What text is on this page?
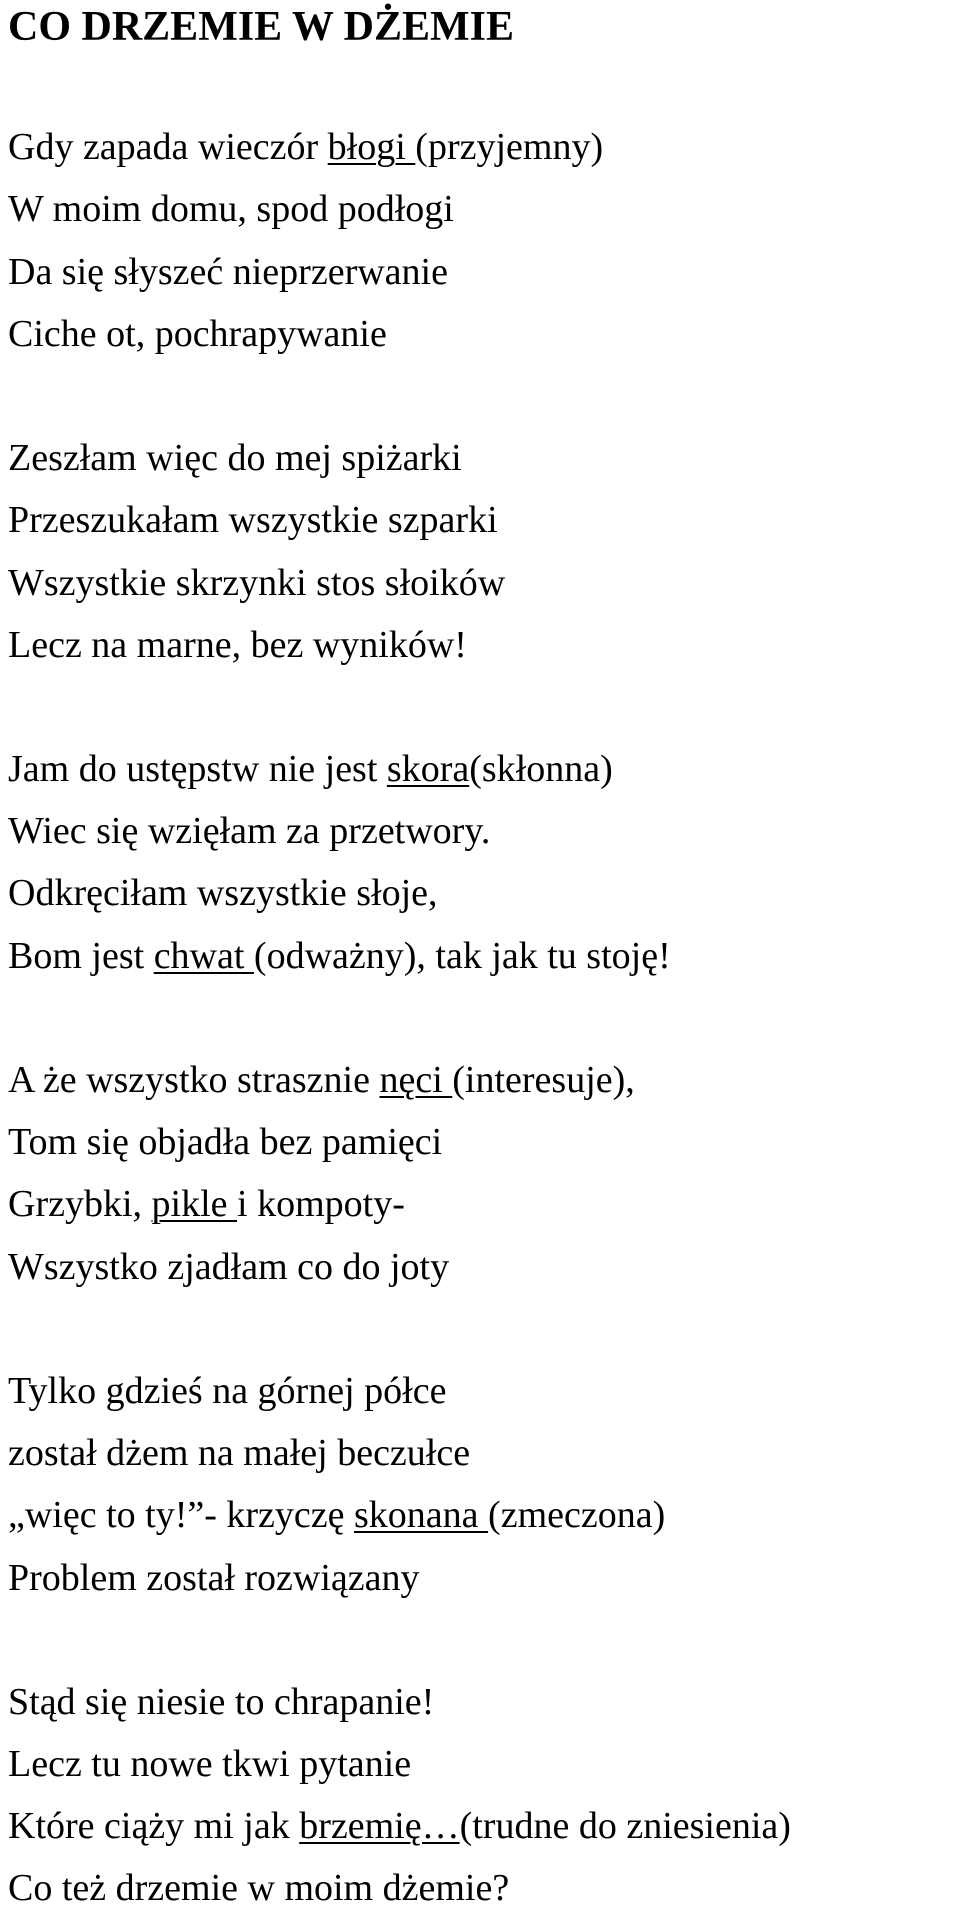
CO DRZEMIE W DŻEMIE
Gdy zapada wieczór błogi (przyjemny)
W moim domu, spod podłogi
Da się słyszeć nieprzerwanie
Ciche ot, pochrapywanie
Zeszłam więc do mej spiżarki
Przeszukałam wszystkie szparki
Wszystkie skrzynki stos słoików
Lecz na marne, bez wyników!
Jam do ustępstw nie jest skora(skłonna)
Wiec się wzięłam za przetwory.
Odkręciłam wszystkie słoje,
Bom jest chwat (odważny), tak jak tu stoję!
A że wszystko strasznie nęci (interesuje),
Tom się objadła bez pamięci
Grzybki, pikle i kompoty-
Wszystko zjadłam co do joty
Tylko gdzieś na górnej półce
został dżem na małej beczułce
„więc to ty!”- krzyczę skonana (zmeczona)
Problem został rozwiązany
Stąd się niesie to chrapanie!
Lecz tu nowe tkwi pytanie
Które ciąży mi jak brzemię…(trudne do zniesienia)
Co też drzemie w moim dżemie?
